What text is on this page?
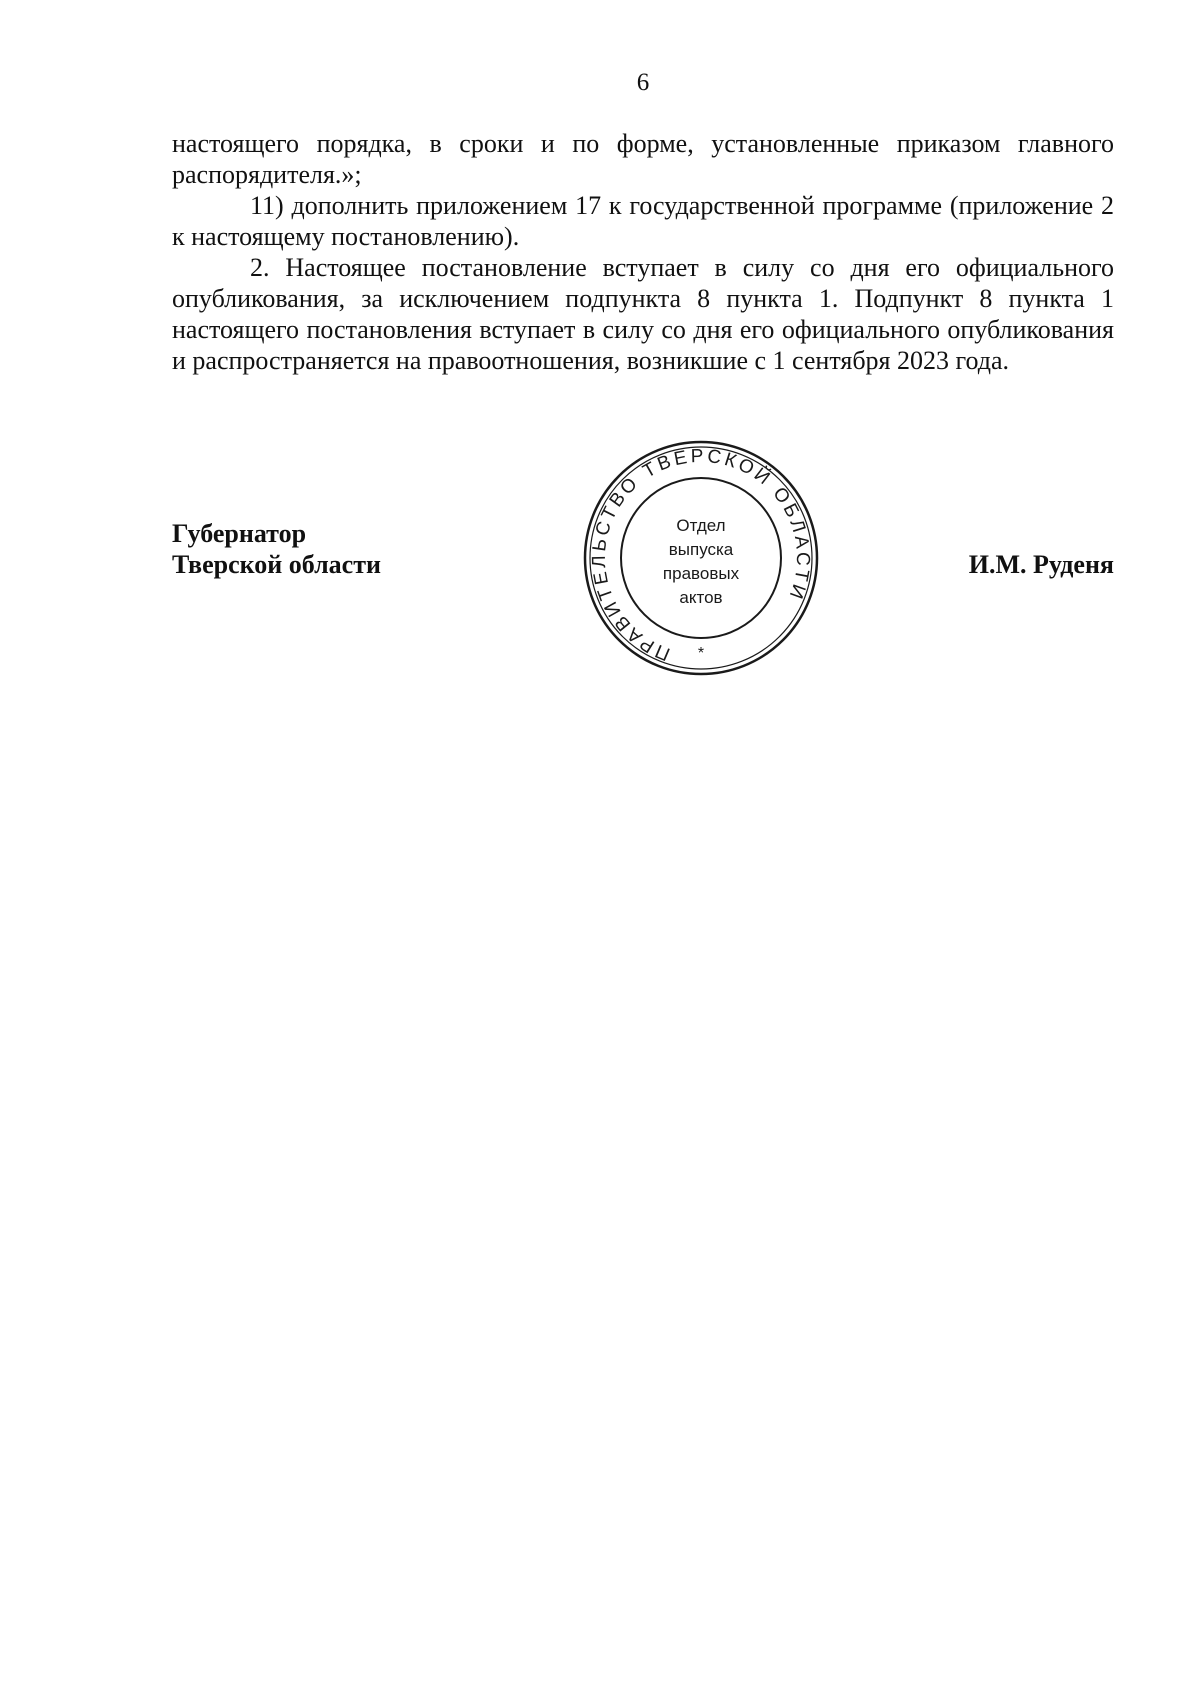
6

настоящего порядка, в сроки и по форме, установленные приказом главного распорядителя.»;

11) дополнить приложением 17 к государственной программе (приложение 2 к настоящему постановлению).

2. Настоящее постановление вступает в силу со дня его официального опубликования, за исключением подпункта 8 пункта 1. Подпункт 8 пункта 1 настоящего постановления вступает в силу со дня его официального опубликования и распространяется на правоотношения, возникшие с 1 сентября 2023 года.

Губернатор
Тверской области	И.М. Руденя
ПРАВИТЕЛЬСТВО ТВЕРСКОЙ ОБЛАСТИ
*
Отдел
выпуска
правовых
актов
